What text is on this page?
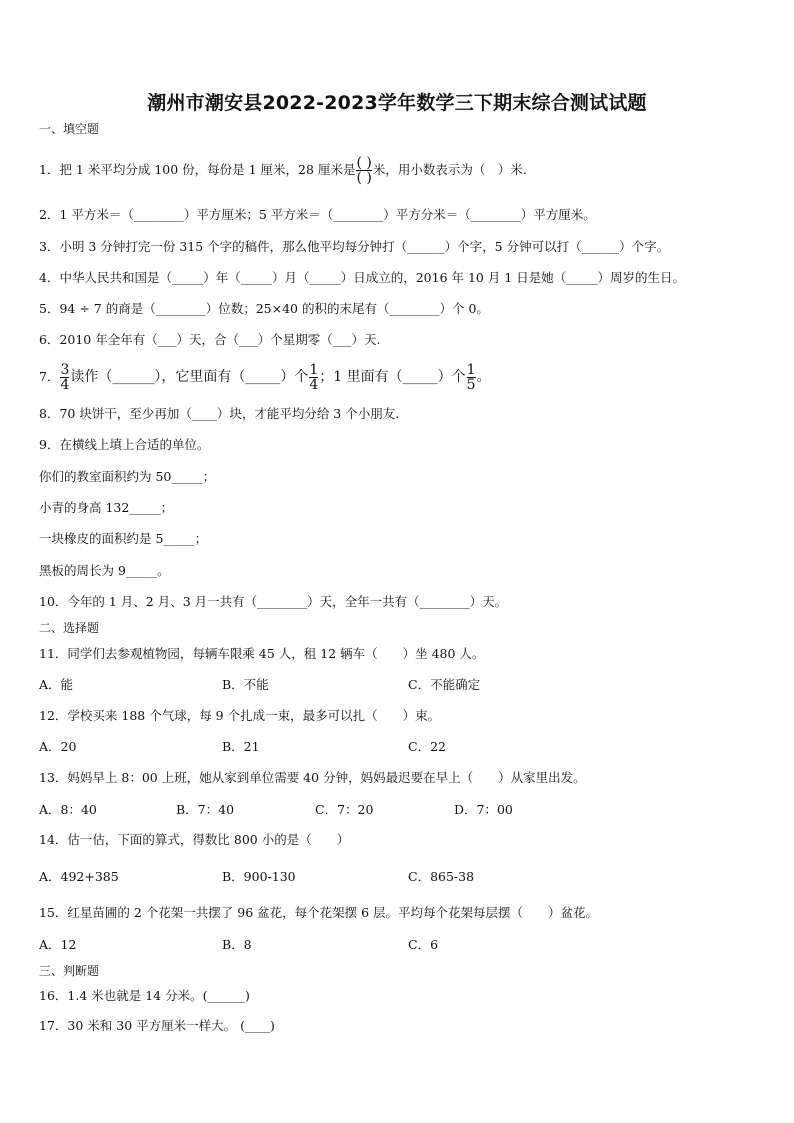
潮州市潮安县2022-2023学年数学三下期末综合测试试题
一、填空题
1．把 1 米平均分成 100 份，每份是 1 厘米，28 厘米是 $\frac{( )}{( )}$ 米，用小数表示为（　）米.
2．1 平方米＝（________）平方厘米；5 平方米＝（________）平方分米＝（________）平方厘米。
3．小明 3 分钟打完一份 315 个字的稿件，那么他平均每分钟打（______）个字，5 分钟可以打（______）个字。
4．中华人民共和国是（_____）年（_____）月（_____）日成立的，2016 年 10 月 1 日是她（_____）周岁的生日。
5．94 ÷ 7 的商是（________）位数；25×40 的积的末尾有（________）个 0。
6．2010 年全年有（___）天，合（___）个星期零（___）天.
7． $\frac{3}{4}$ 读作（______），它里面有（_____）个 $\frac{1}{4}$ ；1 里面有（_____）个 $\frac{1}{5}$ 。
8．70 块饼干，至少再加（____）块，才能平均分给 3 个小朋友.
9．在横线上填上合适的单位。
你们的教室面积约为 50_____；
小青的身高 132_____；
一块橡皮的面积约是 5_____；
黑板的周长为 9_____。
10．今年的 1 月、2 月、3 月一共有（________）天，全年一共有（________）天。
二、选择题
11．同学们去参观植物园，每辆车限乘 45 人，租 12 辆车（　　）坐 480 人。
A．能	B．不能	C．不能确定
12．学校买来 188 个气球，每 9 个扎成一束，最多可以扎（　　）束。
A．20	B．21	C．22
13．妈妈早上 8：00 上班，她从家到单位需要 40 分钟，妈妈最迟要在早上（　　）从家里出发。
A．8：40	B．7：40	C．7：20	D．7：00
14．估一估，下面的算式，得数比 800 小的是（　　）
A．492+385	B．900-130	C．865-38
15．红星苗圃的 2 个花架一共摆了 96 盆花，每个花架摆 6 层。平均每个花架每层摆（　　）盆花。
A．12	B．8	C．6
三、判断题
16．1.4 米也就是 14 分米。(______)
17．30 米和 30 平方厘米一样大。 (____)
